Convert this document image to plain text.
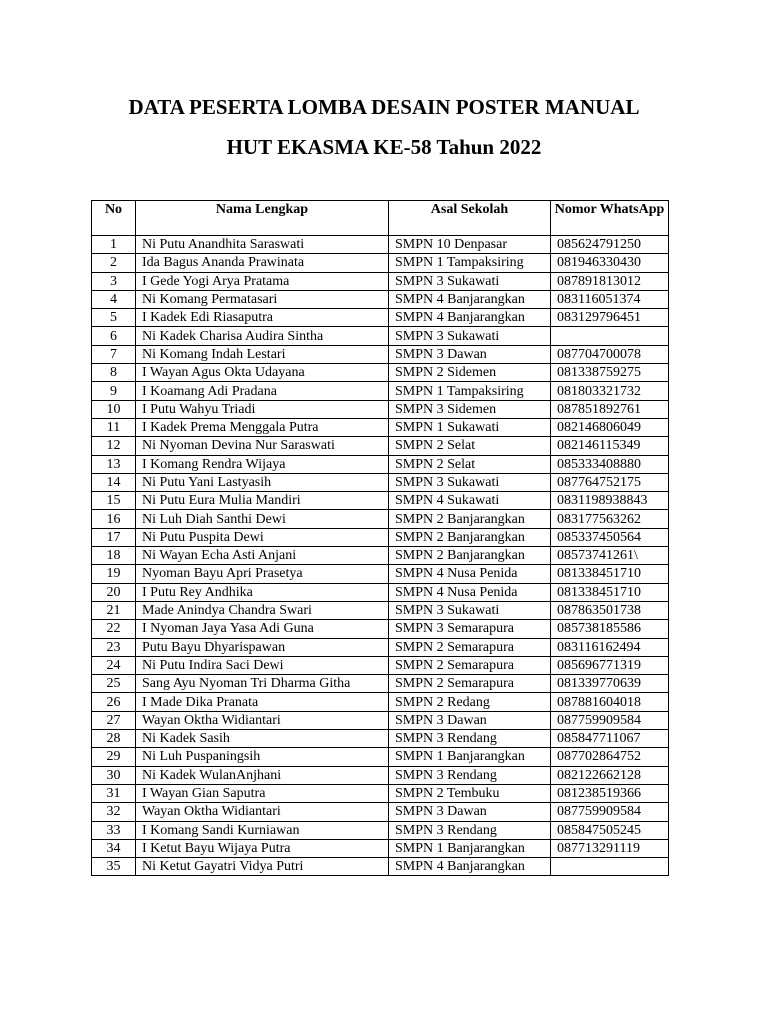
DATA PESERTA LOMBA DESAIN POSTER MANUAL
HUT EKASMA KE-58 Tahun 2022
No	Nama Lengkap	Asal Sekolah	Nomor WhatsApp
1	Ni Putu Anandhita Saraswati	SMPN 10 Denpasar	085624791250
2	Ida Bagus Ananda Prawinata	SMPN 1 Tampaksiring	081946330430
3	I Gede Yogi Arya Pratama	SMPN 3 Sukawati	087891813012
4	Ni Komang Permatasari	SMPN 4 Banjarangkan	083116051374
5	I Kadek Edi Riasaputra	SMPN 4 Banjarangkan	083129796451
6	Ni Kadek Charisa Audira Sintha	SMPN 3 Sukawati	
7	Ni Komang Indah Lestari	SMPN 3 Dawan	087704700078
8	I Wayan Agus Okta Udayana	SMPN 2 Sidemen	081338759275
9	I Koamang Adi Pradana	SMPN 1 Tampaksiring	081803321732
10	I Putu Wahyu Triadi	SMPN 3 Sidemen	087851892761
11	I Kadek Prema Menggala Putra	SMPN 1 Sukawati	082146806049
12	Ni Nyoman Devina Nur Saraswati	SMPN 2 Selat	082146115349
13	I Komang Rendra Wijaya	SMPN 2 Selat	085333408880
14	Ni Putu Yani Lastyasih	SMPN 3 Sukawati	087764752175
15	Ni Putu Eura Mulia Mandiri	SMPN 4 Sukawati	0831198938843
16	Ni Luh Diah Santhi Dewi	SMPN 2 Banjarangkan	083177563262
17	Ni Putu Puspita Dewi	SMPN 2 Banjarangkan	085337450564
18	Ni Wayan Echa Asti Anjani	SMPN 2 Banjarangkan	08573741261\
19	Nyoman Bayu Apri Prasetya	SMPN 4 Nusa Penida	081338451710
20	I Putu Rey Andhika	SMPN 4 Nusa Penida	081338451710
21	Made Anindya Chandra Swari	SMPN 3 Sukawati	087863501738
22	I Nyoman Jaya Yasa Adi Guna	SMPN 3 Semarapura	085738185586
23	Putu Bayu Dhyarispawan	SMPN 2 Semarapura	083116162494
24	Ni Putu Indira Saci Dewi	SMPN 2 Semarapura	085696771319
25	Sang Ayu Nyoman Tri Dharma Githa	SMPN 2 Semarapura	081339770639
26	I Made Dika Pranata	SMPN 2 Redang	087881604018
27	Wayan Oktha Widiantari	SMPN 3 Dawan	087759909584
28	Ni Kadek Sasih	SMPN 3 Rendang	085847711067
29	Ni Luh Puspaningsih	SMPN 1 Banjarangkan	087702864752
30	Ni Kadek WulanAnjhani	SMPN 3 Rendang	082122662128
31	I Wayan Gian Saputra	SMPN 2 Tembuku	081238519366
32	Wayan Oktha Widiantari	SMPN 3 Dawan	087759909584
33	I Komang Sandi Kurniawan	SMPN 3 Rendang	085847505245
34	I Ketut Bayu Wijaya Putra	SMPN 1 Banjarangkan	087713291119
35	Ni Ketut Gayatri Vidya Putri	SMPN 4 Banjarangkan	
